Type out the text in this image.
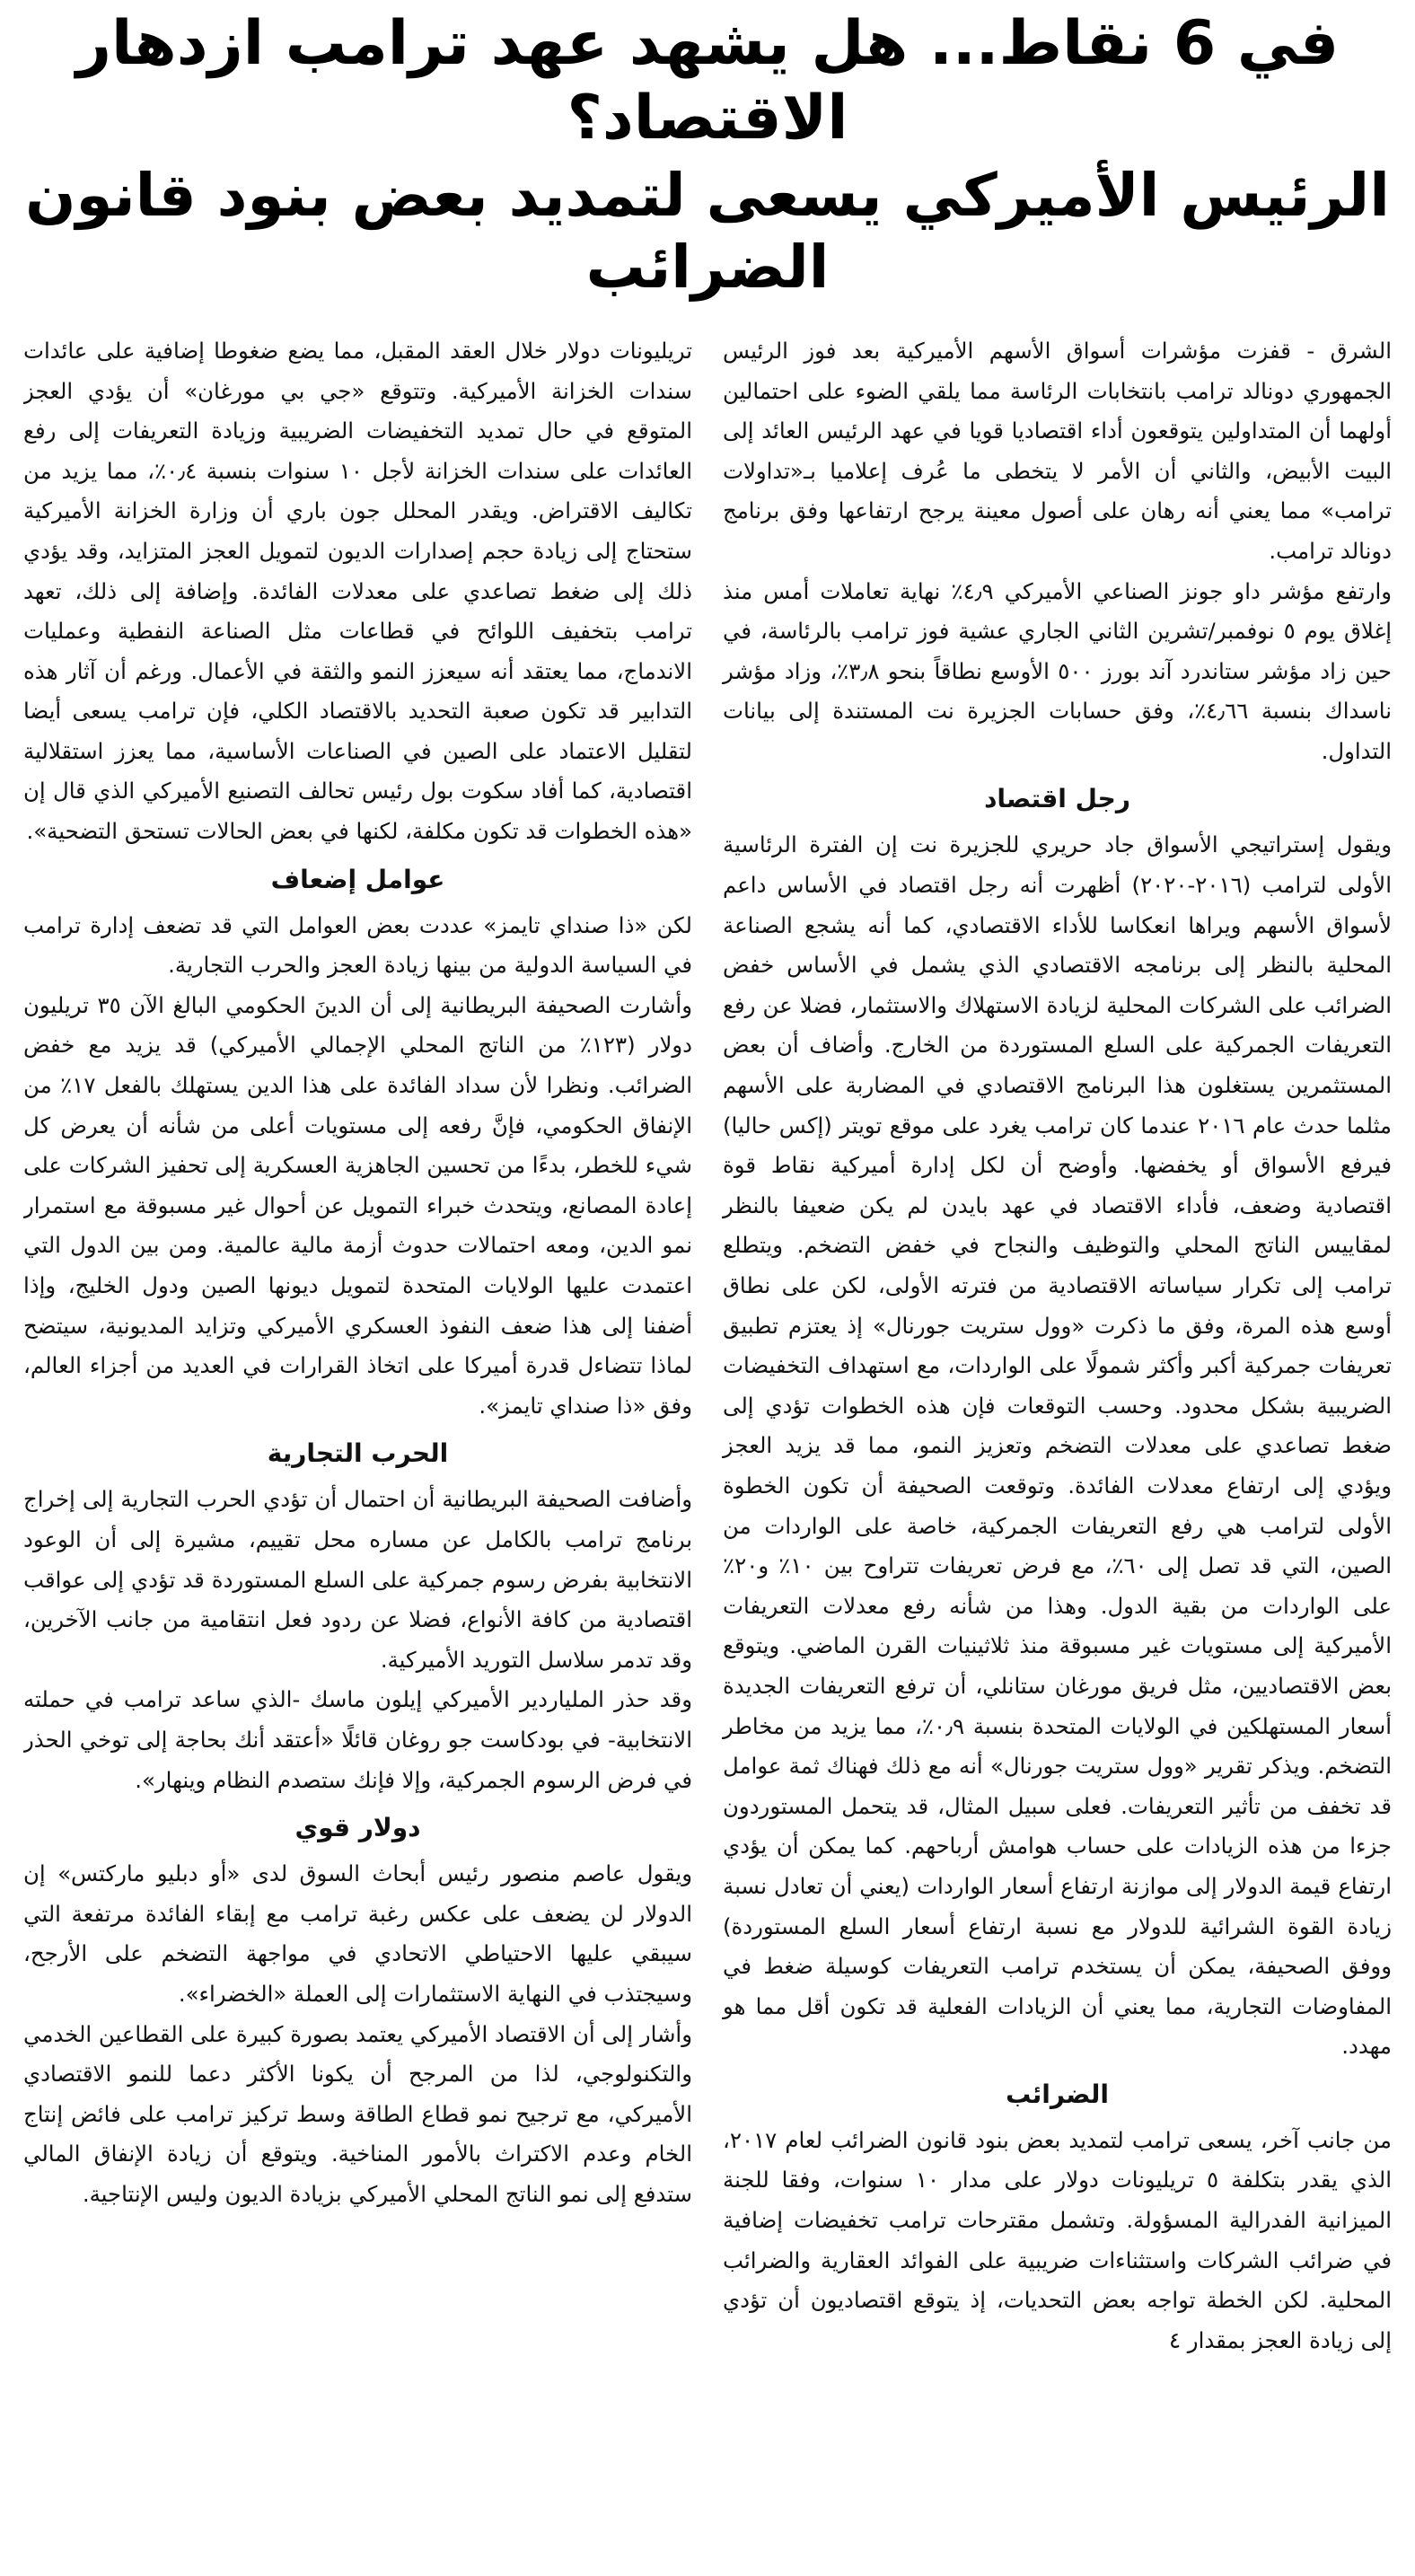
في 6 نقاط... هل يشهد عهد ترامب ازدهار الاقتصاد؟
الرئيس الأميركي يسعى لتمديد بعض بنود قانون الضرائب

الشرق - قفزت مؤشرات أسواق الأسهم الأميركية بعد فوز الرئيس الجمهوري دونالد ترامب بانتخابات الرئاسة مما يلقي الضوء على احتمالين أولهما أن المتداولين يتوقعون أداء اقتصاديا قويا في عهد الرئيس العائد إلى البيت الأبيض، والثاني أن الأمر لا يتخطى ما عُرف إعلاميا بـ«تداولات ترامب» مما يعني أنه رهان على أصول معينة يرجح ارتفاعها وفق برنامج دونالد ترامب.

وارتفع مؤشر داو جونز الصناعي الأميركي ٤٫٩٪ نهاية تعاملات أمس منذ إغلاق يوم ٥ نوفمبر/تشرين الثاني الجاري عشية فوز ترامب بالرئاسة، في حين زاد مؤشر ستاندرد آند بورز ٥٠٠ الأوسع نطاقاً بنحو ٣٫٨٪، وزاد مؤشر ناسداك بنسبة ٤٫٦٦٪، وفق حسابات الجزيرة نت المستندة إلى بيانات التداول.

رجل اقتصاد

ويقول إستراتيجي الأسواق جاد حريري للجزيرة نت إن الفترة الرئاسية الأولى لترامب (٢٠١٦-٢٠٢٠) أظهرت أنه رجل اقتصاد في الأساس داعم لأسواق الأسهم ويراها انعكاسا للأداء الاقتصادي، كما أنه يشجع الصناعة المحلية بالنظر إلى برنامجه الاقتصادي الذي يشمل في الأساس خفض الضرائب على الشركات المحلية لزيادة الاستهلاك والاستثمار، فضلا عن رفع التعريفات الجمركية على السلع المستوردة من الخارج. وأضاف أن بعض المستثمرين يستغلون هذا البرنامج الاقتصادي في المضاربة على الأسهم مثلما حدث عام ٢٠١٦ عندما كان ترامب يغرد على موقع تويتر (إكس حاليا) فيرفع الأسواق أو يخفضها. وأوضح أن لكل إدارة أميركية نقاط قوة اقتصادية وضعف، فأداء الاقتصاد في عهد بايدن لم يكن ضعيفا بالنظر لمقاييس الناتج المحلي والتوظيف والنجاح في خفض التضخم. ويتطلع ترامب إلى تكرار سياساته الاقتصادية من فترته الأولى، لكن على نطاق أوسع هذه المرة، وفق ما ذكرت «وول ستريت جورنال» إذ يعتزم تطبيق تعريفات جمركية أكبر وأكثر شمولًا على الواردات، مع استهداف التخفيضات الضريبية بشكل محدود. وحسب التوقعات فإن هذه الخطوات تؤدي إلى ضغط تصاعدي على معدلات التضخم وتعزيز النمو، مما قد يزيد العجز ويؤدي إلى ارتفاع معدلات الفائدة. وتوقعت الصحيفة أن تكون الخطوة الأولى لترامب هي رفع التعريفات الجمركية، خاصة على الواردات من الصين، التي قد تصل إلى ٦٠٪، مع فرض تعريفات تتراوح بين ١٠٪ و٢٠٪ على الواردات من بقية الدول. وهذا من شأنه رفع معدلات التعريفات الأميركية إلى مستويات غير مسبوقة منذ ثلاثينيات القرن الماضي. ويتوقع بعض الاقتصاديين، مثل فريق مورغان ستانلي، أن ترفع التعريفات الجديدة أسعار المستهلكين في الولايات المتحدة بنسبة ٠٫٩٪، مما يزيد من مخاطر التضخم. ويذكر تقرير «وول ستريت جورنال» أنه مع ذلك فهناك ثمة عوامل قد تخفف من تأثير التعريفات. فعلى سبيل المثال، قد يتحمل المستوردون جزءا من هذه الزيادات على حساب هوامش أرباحهم. كما يمكن أن يؤدي ارتفاع قيمة الدولار إلى موازنة ارتفاع أسعار الواردات (يعني أن تعادل نسبة زيادة القوة الشرائية للدولار مع نسبة ارتفاع أسعار السلع المستوردة) ووفق الصحيفة، يمكن أن يستخدم ترامب التعريفات كوسيلة ضغط في المفاوضات التجارية، مما يعني أن الزيادات الفعلية قد تكون أقل مما هو مهدد.

الضرائب

من جانب آخر، يسعى ترامب لتمديد بعض بنود قانون الضرائب لعام ٢٠١٧، الذي يقدر بتكلفة ٥ تريليونات دولار على مدار ١٠ سنوات، وفقا للجنة الميزانية الفدرالية المسؤولة. وتشمل مقترحات ترامب تخفيضات إضافية في ضرائب الشركات واستثناءات ضريبية على الفوائد العقارية والضرائب المحلية. لكن الخطة تواجه بعض التحديات، إذ يتوقع اقتصاديون أن تؤدي إلى زيادة العجز بمقدار ٤

تريليونات دولار خلال العقد المقبل، مما يضع ضغوطا إضافية على عائدات سندات الخزانة الأميركية. وتتوقع «جي بي مورغان» أن يؤدي العجز المتوقع في حال تمديد التخفيضات الضريبية وزيادة التعريفات إلى رفع العائدات على سندات الخزانة لأجل ١٠ سنوات بنسبة ٠٫٤٪، مما يزيد من تكاليف الاقتراض. ويقدر المحلل جون باري أن وزارة الخزانة الأميركية ستحتاج إلى زيادة حجم إصدارات الديون لتمويل العجز المتزايد، وقد يؤدي ذلك إلى ضغط تصاعدي على معدلات الفائدة. وإضافة إلى ذلك، تعهد ترامب بتخفيف اللوائح في قطاعات مثل الصناعة النفطية وعمليات الاندماج، مما يعتقد أنه سيعزز النمو والثقة في الأعمال. ورغم أن آثار هذه التدابير قد تكون صعبة التحديد بالاقتصاد الكلي، فإن ترامب يسعى أيضا لتقليل الاعتماد على الصين في الصناعات الأساسية، مما يعزز استقلالية اقتصادية، كما أفاد سكوت بول رئيس تحالف التصنيع الأميركي الذي قال إن «هذه الخطوات قد تكون مكلفة، لكنها في بعض الحالات تستحق التضحية».

عوامل إضعاف

لكن «ذا صنداي تايمز» عددت بعض العوامل التي قد تضعف إدارة ترامب في السياسة الدولية من بينها زيادة العجز والحرب التجارية.

وأشارت الصحيفة البريطانية إلى أن الدينَ الحكومي البالغ الآن ٣٥ تريليون دولار (١٢٣٪ من الناتج المحلي الإجمالي الأميركي) قد يزيد مع خفض الضرائب. ونظرا لأن سداد الفائدة على هذا الدين يستهلك بالفعل ١٧٪ من الإنفاق الحكومي، فإنَّ رفعه إلى مستويات أعلى من شأنه أن يعرض كل شيء للخطر، بدءًا من تحسين الجاهزية العسكرية إلى تحفيز الشركات على إعادة المصانع، ويتحدث خبراء التمويل عن أحوال غير مسبوقة مع استمرار نمو الدين، ومعه احتمالات حدوث أزمة مالية عالمية. ومن بين الدول التي اعتمدت عليها الولايات المتحدة لتمويل ديونها الصين ودول الخليج، وإذا أضفنا إلى هذا ضعف النفوذ العسكري الأميركي وتزايد المديونية، سيتضح لماذا تتضاءل قدرة أميركا على اتخاذ القرارات في العديد من أجزاء العالم، وفق «ذا صنداي تايمز».

الحرب التجارية

وأضافت الصحيفة البريطانية أن احتمال أن تؤدي الحرب التجارية إلى إخراج برنامج ترامب بالكامل عن مساره محل تقييم، مشيرة إلى أن الوعود الانتخابية بفرض رسوم جمركية على السلع المستوردة قد تؤدي إلى عواقب اقتصادية من كافة الأنواع، فضلا عن ردود فعل انتقامية من جانب الآخرين، وقد تدمر سلاسل التوريد الأميركية.

وقد حذر الملياردير الأميركي إيلون ماسك -الذي ساعد ترامب في حملته الانتخابية- في بودكاست جو روغان قائلًا «أعتقد أنك بحاجة إلى توخي الحذر في فرض الرسوم الجمركية، وإلا فإنك ستصدم النظام وينهار».

دولار قوي

ويقول عاصم منصور رئيس أبحاث السوق لدى «أو دبليو ماركتس» إن الدولار لن يضعف على عكس رغبة ترامب مع إبقاء الفائدة مرتفعة التي سيبقي عليها الاحتياطي الاتحادي في مواجهة التضخم على الأرجح، وسيجتذب في النهاية الاستثمارات إلى العملة «الخضراء».

وأشار إلى أن الاقتصاد الأميركي يعتمد بصورة كبيرة على القطاعين الخدمي والتكنولوجي، لذا من المرجح أن يكونا الأكثر دعما للنمو الاقتصادي الأميركي، مع ترجيح نمو قطاع الطاقة وسط تركيز ترامب على فائض إنتاج الخام وعدم الاكتراث بالأمور المناخية. ويتوقع أن زيادة الإنفاق المالي ستدفع إلى نمو الناتج المحلي الأميركي بزيادة الديون وليس الإنتاجية.
